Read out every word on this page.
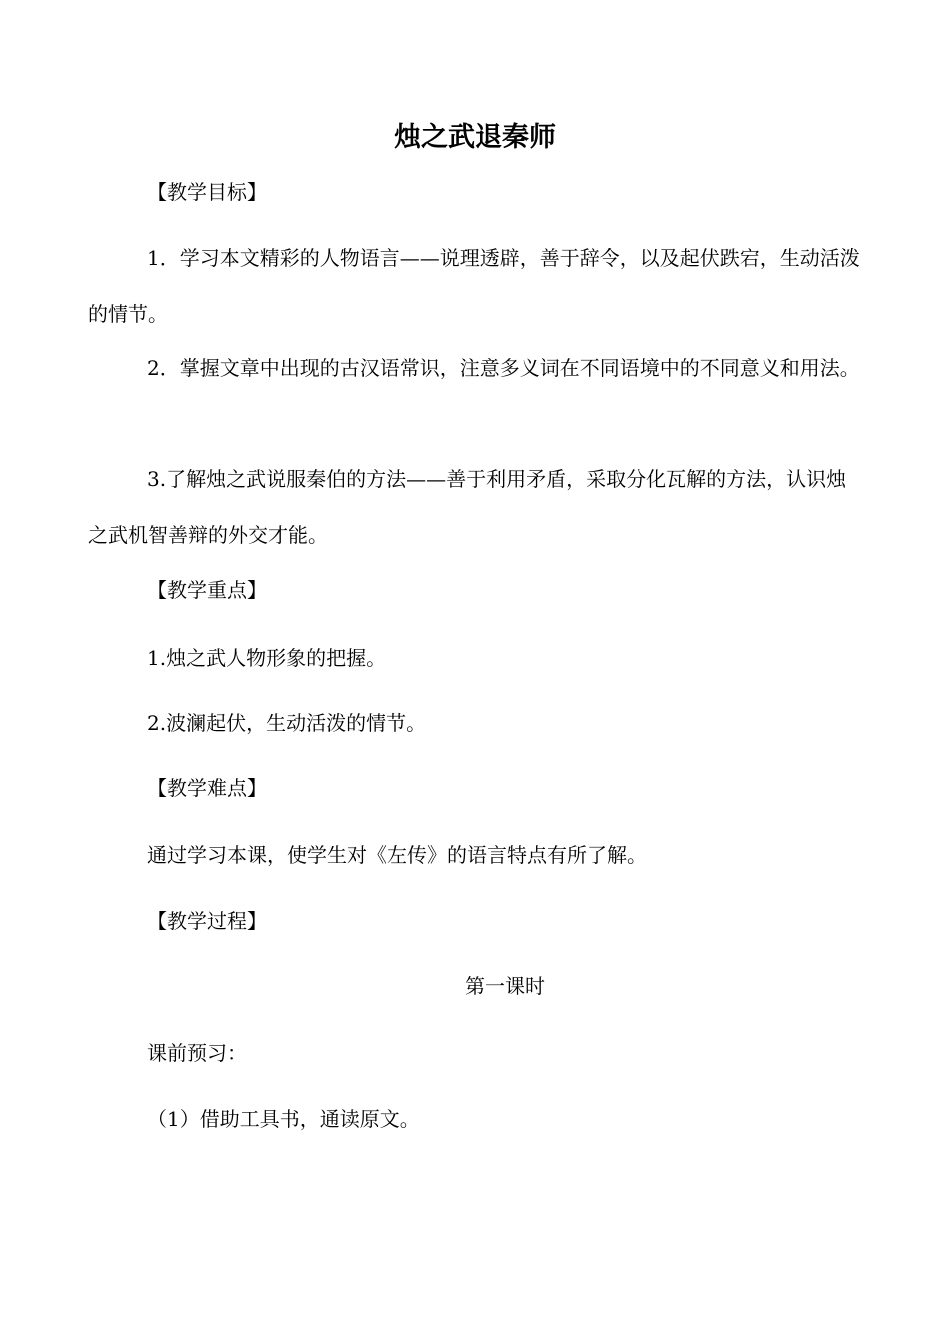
烛之武退秦师
【教学目标】

1．学习本文精彩的人物语言——说理透辟，善于辞令，以及起伏跌宕，生动活泼的情节。

2．掌握文章中出现的古汉语常识，注意多义词在不同语境中的不同意义和用法。

3.了解烛之武说服秦伯的方法——善于利用矛盾，采取分化瓦解的方法，认识烛之武机智善辩的外交才能。

【教学重点】
1.烛之武人物形象的把握。
2.波澜起伏，生动活泼的情节。
【教学难点】
通过学习本课，使学生对《左传》的语言特点有所了解。
【教学过程】
第一课时
课前预习：
（1）借助工具书，通读原文。
